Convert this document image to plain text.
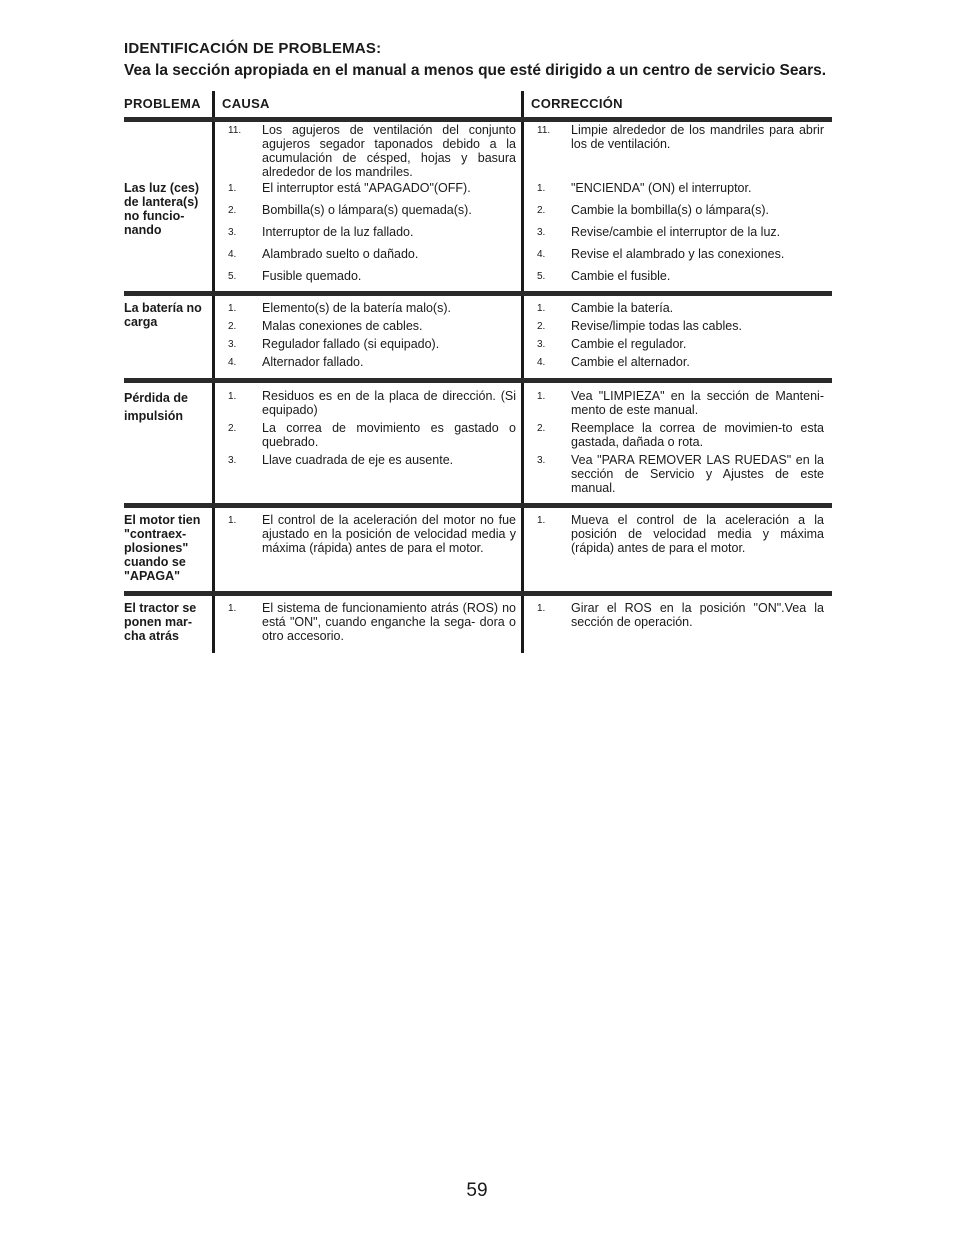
IDENTIFICACIÓN DE PROBLEMAS:
Vea la sección apropiada en el manual a menos que esté dirigido a un centro de servicio Sears.
PROBLEMA CAUSA	CORRECCIÓN
11. Los agujeros de ventilación del conjunto agujeros segador taponados debido a la acumulación de césped, hojas y basura alrededor de los mandriles.
11. Limpie alrededor de los mandriles para abrir los de ventilación.
Las luz (ces) de lantera(s) no funcio- nando
1. El interruptor está "APAGADO"(OFF).
2. Bombilla(s) o lámpara(s) quemada(s).
3. Interruptor de la luz fallado.
4. Alambrado suelto o dañado.
5. Fusible quemado.
1. "ENCIENDA" (ON) el interruptor.
2. Cambie la bombilla(s) o lámpara(s).
3. Revise/cambie el interruptor de la luz.
4. Revise el alambrado y las conexiones.
5. Cambie el fusible.
La batería no carga
1. Elemento(s) de la batería malo(s).
2. Malas conexiones de cables.
3. Regulador fallado (si equipado).
4. Alternador fallado.
1. Cambie la batería.
2. Revise/limpie todas las cables.
3. Cambie el regulador.
4. Cambie el alternador.
Pérdida de impulsión
1. Residuos es en de la placa de dirección. (Si equipado)
2. La correa de movimiento es gastado o quebrado.
3. Llave cuadrada de eje es ausente.
1. Vea "LIMPIEZA" en la sección de Manteni- mento de este manual.
2. Reemplace la correa de movimien-to esta gastada, dañada o rota.
3. Vea "PARA REMOVER LAS RUEDAS" en la sección de Servicio y Ajustes de este manual.
El motor tien "contraex- plosiones" cuando se "APAGA"
1. El control de la aceleración del motor no fue ajustado en la posición de velocidad media y máxima (rápida) antes de para el motor.
1. Mueva el control de la aceleración a la posición de velocidad media y máxima (rápida) antes de para el motor.
El tractor se ponen mar- cha atrás
1. El sistema de funcionamiento atrás (ROS) no está "ON", cuando enganche la sega- dora o otro accesorio.
1. Girar el ROS en la posición "ON".Vea la sección de operación.
59
